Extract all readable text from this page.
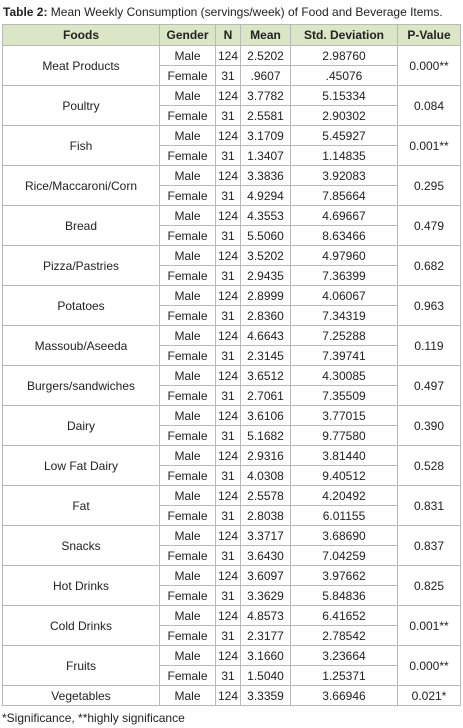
Table 2: Mean Weekly Consumption (servings/week) of Food and Beverage Items.
Foods	Gender	N	Mean	Std. Deviation	P-Value
Meat Products	Male	124	2.5202	2.98760	0.000**
	Female	31	.9607	.45076	
Poultry	Male	124	3.7782	5.15334	0.084
	Female	31	2.5581	2.90302	
Fish	Male	124	3.1709	5.45927	0.001**
	Female	31	1.3407	1.14835	
Rice/Maccaroni/Corn	Male	124	3.3836	3.92083	0.295
	Female	31	4.9294	7.85664	
Bread	Male	124	4.3553	4.69667	0.479
	Female	31	5.5060	8.63466	
Pizza/Pastries	Male	124	3.5202	4.97960	0.682
	Female	31	2.9435	7.36399	
Potatoes	Male	124	2.8999	4.06067	0.963
	Female	31	2.8360	7.34319	
Massoub/Aseeda	Male	124	4.6643	7.25288	0.119
	Female	31	2.3145	7.39741	
Burgers/sandwiches	Male	124	3.6512	4.30085	0.497
	Female	31	2.7061	7.35509	
Dairy	Male	124	3.6106	3.77015	0.390
	Female	31	5.1682	9.77580	
Low Fat Dairy	Male	124	2.9316	3.81440	0.528
	Female	31	4.0308	9.40512	
Fat	Male	124	2.5578	4.20492	0.831
	Female	31	2.8038	6.01155	
Snacks	Male	124	3.3717	3.68690	0.837
	Female	31	3.6430	7.04259	
Hot Drinks	Male	124	3.6097	3.97662	0.825
	Female	31	3.3629	5.84836	
Cold Drinks	Male	124	4.8573	6.41652	0.001**
	Female	31	2.3177	2.78542	
Fruits	Male	124	3.1660	3.23664	0.000**
	Female	31	1.5040	1.25371	
Vegetables	Male	124	3.3359	3.66946	0.021*
*Significance, **highly significance
